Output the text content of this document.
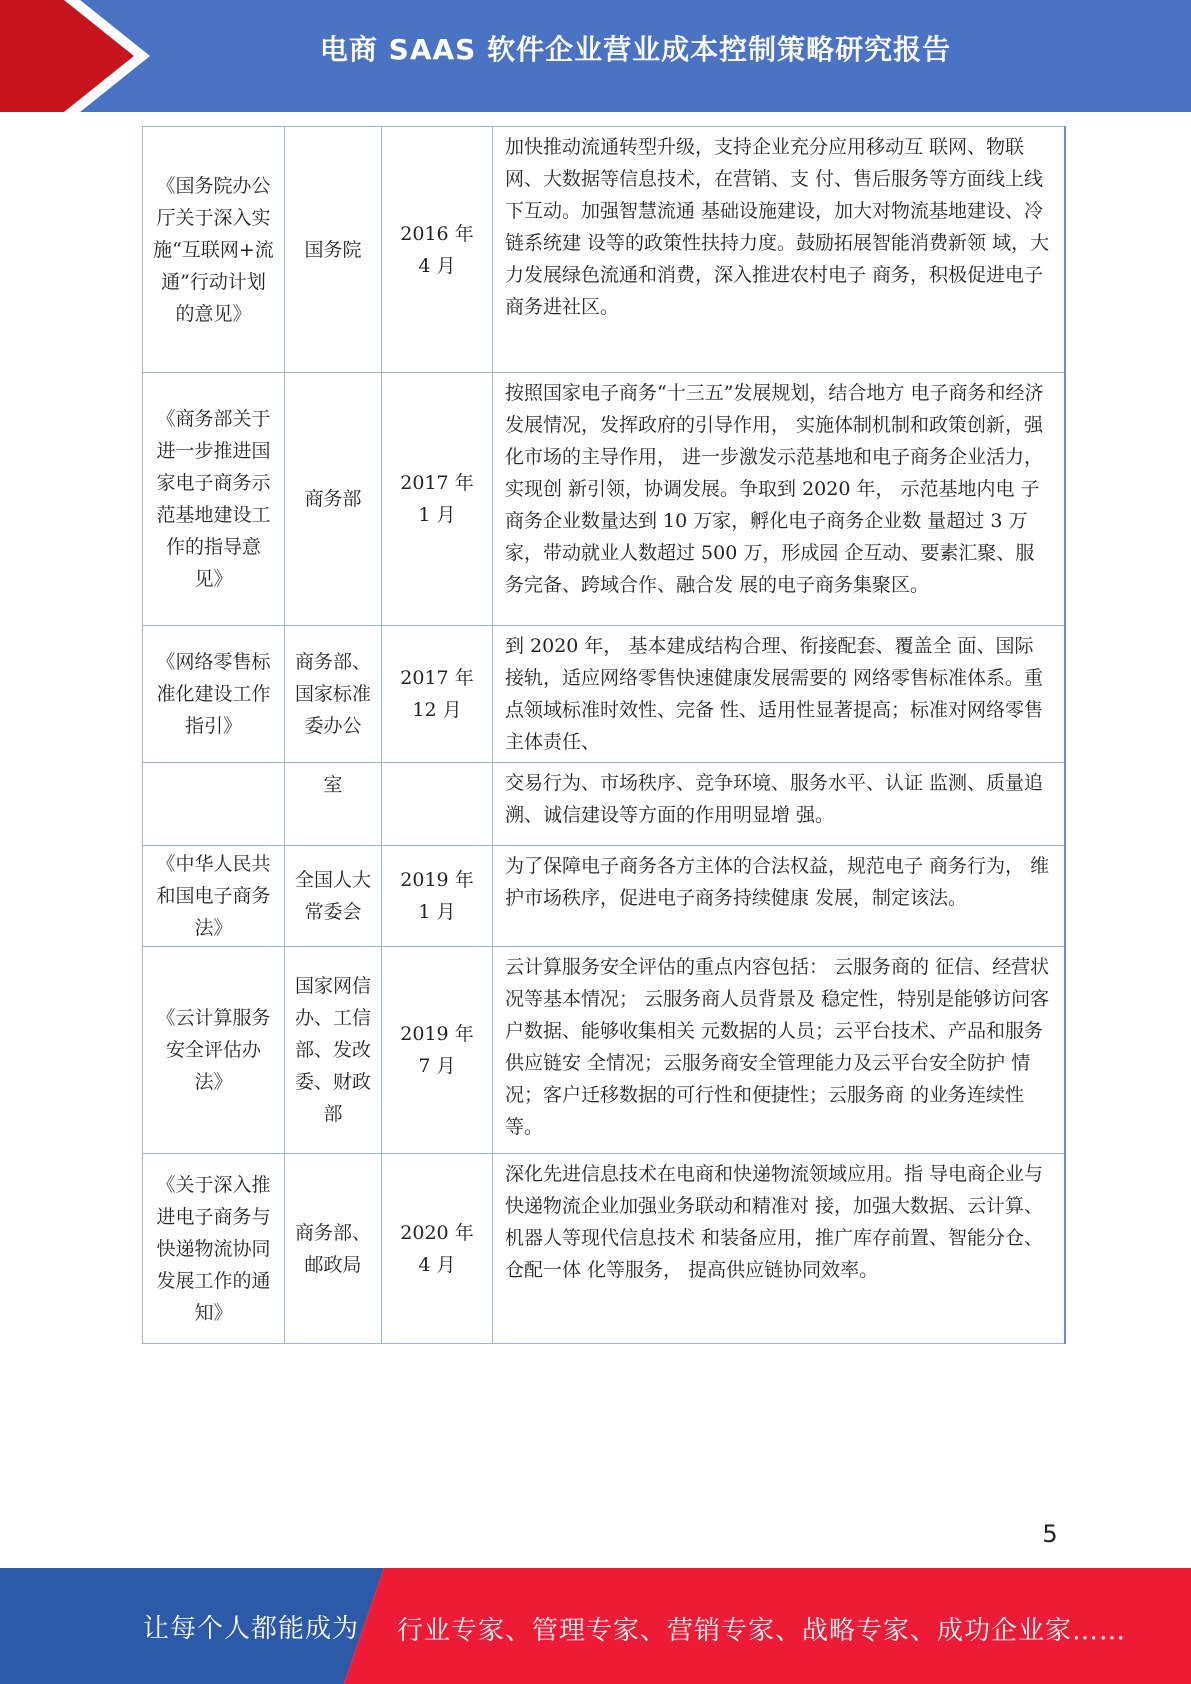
电商 SAAS 软件企业营业成本控制策略研究报告
《国务院办公厅关于深入实施“互联网+流通”行动计划的意见》	国务院	2016 年 4 月	加快推动流通转型升级，支持企业充分应用移动互 联网、物联网、大数据等信息技术，在营销、支 付、售后服务等方面线上线下互动。加强智慧流通 基础设施建设，加大对物流基地建设、冷链系统建 设等的政策性扶持力度。鼓励拓展智能消费新领 域，大力发展绿色流通和消费，深入推进农村电子 商务，积极促进电子商务进社区。
《商务部关于进一步推进国家电子商务示范基地建设工作的指导意见》	商务部	2017 年 1 月	按照国家电子商务“十三五”发展规划，结合地方 电子商务和经济发展情况，发挥政府的引导作用， 实施体制机制和政策创新，强化市场的主导作用， 进一步激发示范基地和电子商务企业活力，实现创 新引领，协调发展。争取到 2020 年， 示范基地内电 子商务企业数量达到 10 万家，孵化电子商务企业数 量超过 3 万家，带动就业人数超过 500 万，形成园 企互动、要素汇聚、服务完备、跨域合作、融合发 展的电子商务集聚区。
《网络零售标准化建设工作指引》	商务部、国家标准委办公	2017 年 12 月	到 2020 年， 基本建成结构合理、衔接配套、覆盖全 面、国际接轨，适应网络零售快速健康发展需要的 网络零售标准体系。重点领域标准时效性、完备 性、适用性显著提高；标准对网络零售主体责任、
	室		交易行为、市场秩序、竞争环境、服务水平、认证 监测、质量追溯、诚信建设等方面的作用明显增 强。
《中华人民共和国电子商务法》	全国人大常委会	2019 年 1 月	为了保障电子商务各方主体的合法权益，规范电子 商务行为， 维护市场秩序，促进电子商务持续健康 发展，制定该法。
《云计算服务安全评估办法》	国家网信办、工信部、发改委、财政部	2019 年 7 月	云计算服务安全评估的重点内容包括： 云服务商的 征信、经营状况等基本情况； 云服务商人员背景及 稳定性，特别是能够访问客户数据、能够收集相关 元数据的人员；云平台技术、产品和服务供应链安 全情况；云服务商安全管理能力及云平台安全防护 情况；客户迁移数据的可行性和便捷性；云服务商 的业务连续性等。
《关于深入推进电子商务与快递物流协同发展工作的通知》	商务部、邮政局	2020 年 4 月	深化先进信息技术在电商和快递物流领域应用。指 导电商企业与快递物流企业加强业务联动和精准对 接，加强大数据、云计算、机器人等现代信息技术 和装备应用，推广库存前置、智能分仓、仓配一体 化等服务， 提高供应链协同效率。
5
让每个人都能成为 行业专家、管理专家、营销专家、战略专家、成功企业家……
